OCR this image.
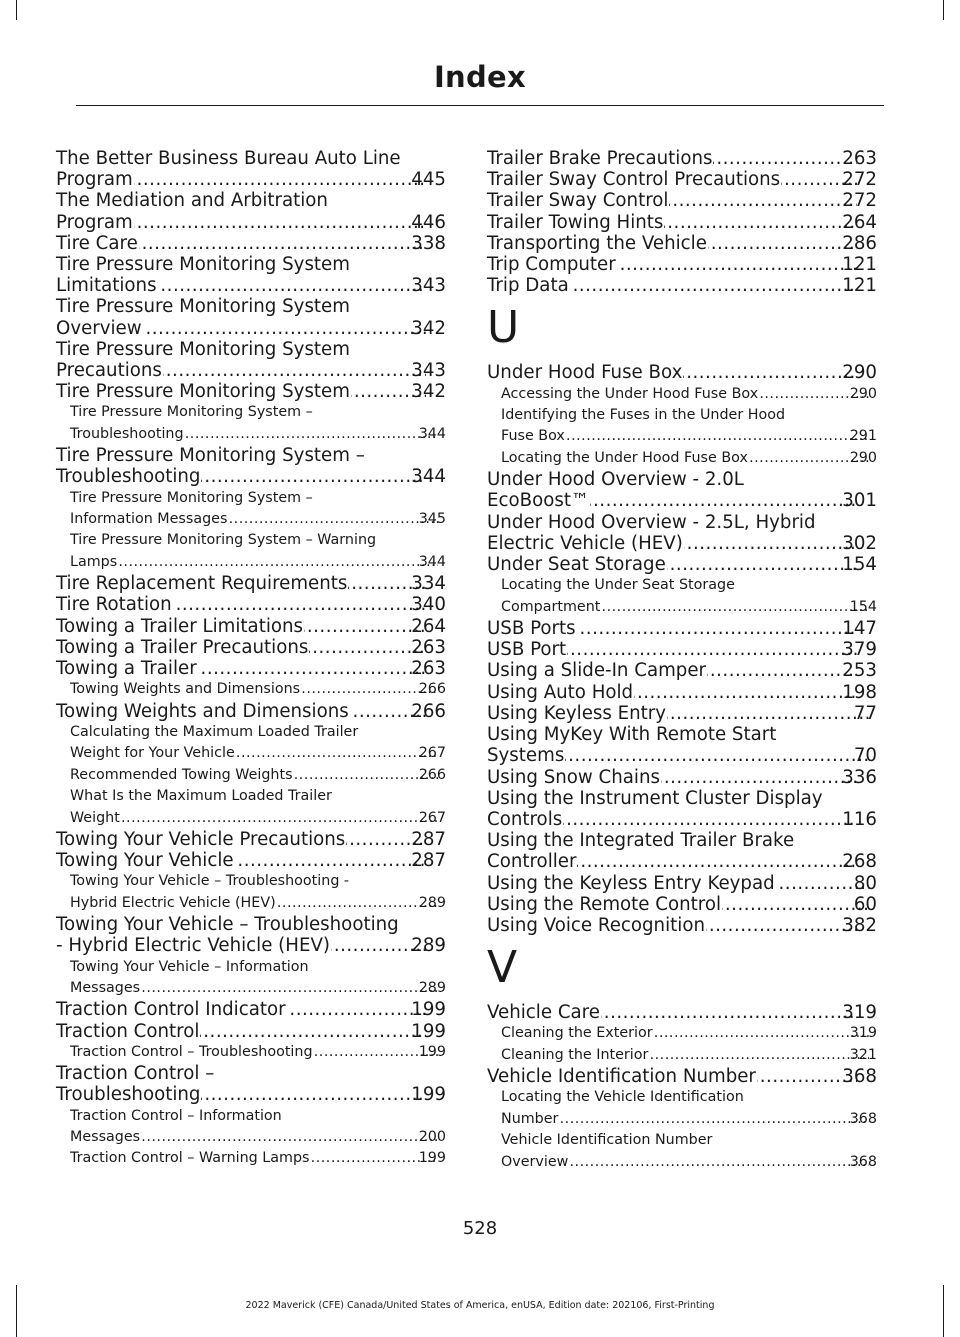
Index
The Better Business Bureau Auto Line
Program .....	445
The Mediation and Arbitration
Program .....	446
Tire Care .....	338
Tire Pressure Monitoring System
Limitations .....	343
Tire Pressure Monitoring System
Overview .....	342
Tire Pressure Monitoring System
Precautions .....	343
Tire Pressure Monitoring System .....	342
Tire Pressure Monitoring System –
Troubleshooting .....	344
Tire Pressure Monitoring System –
Troubleshooting .....	344
Tire Pressure Monitoring System –
Information Messages .....	345
Tire Pressure Monitoring System – Warning
Lamps .....	344
Tire Replacement Requirements .....	334
Tire Rotation .....	340
Towing a Trailer Limitations .....	264
Towing a Trailer Precautions .....	263
Towing a Trailer .....	263
Towing Weights and Dimensions .....	266
Towing Weights and Dimensions .....	266
Calculating the Maximum Loaded Trailer
Weight for Your Vehicle .....	267
Recommended Towing Weights .....	266
What Is the Maximum Loaded Trailer
Weight .....	267
Towing Your Vehicle Precautions .....	287
Towing Your Vehicle .....	287
Towing Your Vehicle – Troubleshooting -
Hybrid Electric Vehicle (HEV) .....	289
Towing Your Vehicle – Troubleshooting
- Hybrid Electric Vehicle (HEV) .....	289
Towing Your Vehicle – Information
Messages .....	289
Traction Control Indicator .....	199
Traction Control .....	199
Traction Control – Troubleshooting .....	199
Traction Control –
Troubleshooting .....	199
Traction Control – Information
Messages .....	200
Traction Control – Warning Lamps .....	199
Trailer Brake Precautions .....	263
Trailer Sway Control Precautions .....	272
Trailer Sway Control .....	272
Trailer Towing Hints .....	264
Transporting the Vehicle .....	286
Trip Computer .....	121
Trip Data .....	121
U
Under Hood Fuse Box .....	290
Accessing the Under Hood Fuse Box .....	290
Identifying the Fuses in the Under Hood
Fuse Box .....	291
Locating the Under Hood Fuse Box .....	290
Under Hood Overview - 2.0L
EcoBoost™ .....	301
Under Hood Overview - 2.5L, Hybrid
Electric Vehicle (HEV) .....	302
Under Seat Storage .....	154
Locating the Under Seat Storage
Compartment .....	154
USB Ports .....	147
USB Port .....	379
Using a Slide-In Camper .....	253
Using Auto Hold .....	198
Using Keyless Entry .....	77
Using MyKey With Remote Start
Systems .....	70
Using Snow Chains .....	336
Using the Instrument Cluster Display
Controls .....	116
Using the Integrated Trailer Brake
Controller .....	268
Using the Keyless Entry Keypad .....	80
Using the Remote Control .....	60
Using Voice Recognition .....	382
V
Vehicle Care .....	319
Cleaning the Exterior .....	319
Cleaning the Interior .....	321
Vehicle Identification Number .....	368
Locating the Vehicle Identification
Number .....	368
Vehicle Identification Number
Overview .....	368
528
2022 Maverick (CFE) Canada/United States of America, enUSA, Edition date: 202106, First-Printing
